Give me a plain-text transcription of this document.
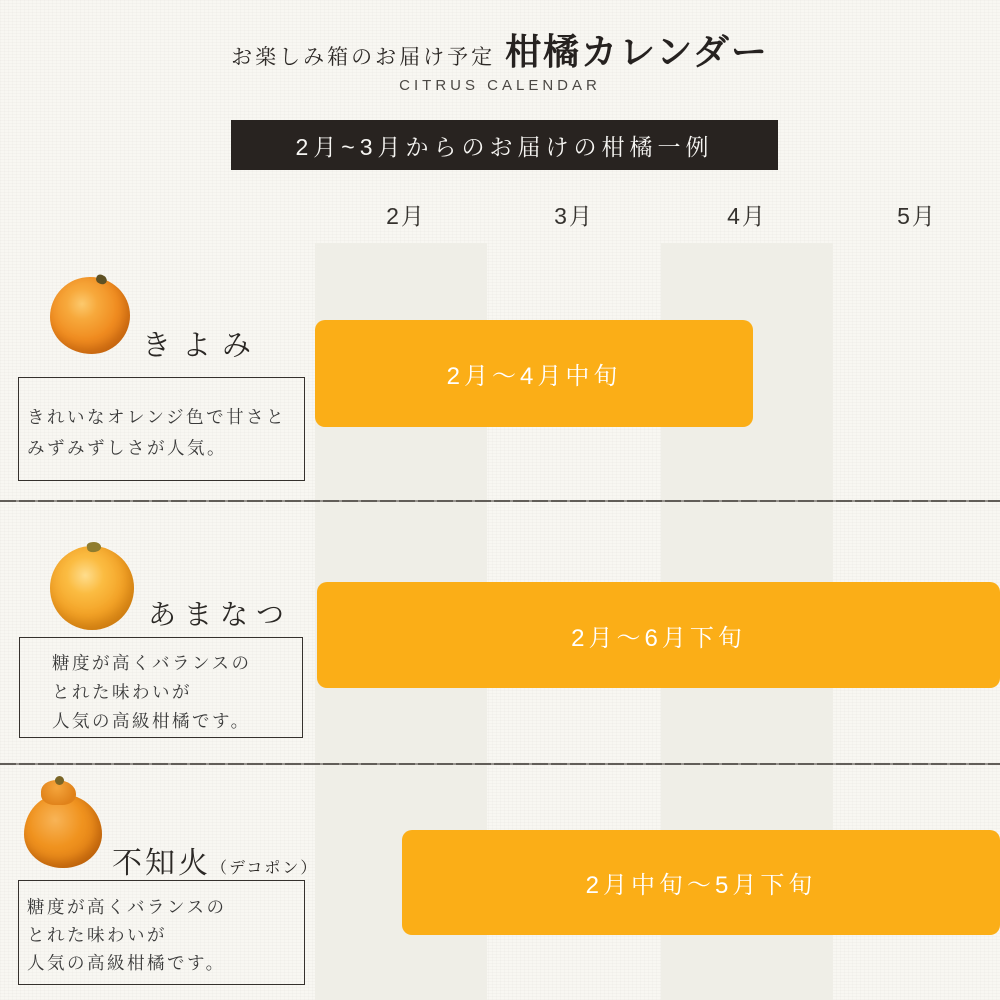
お楽しみ箱のお届け予定 柑橘カレンダー
CITRUS CALENDAR
2月~3月からのお届けの柑橘一例
2月	3月	4月	5月
きよみ
きれいなオレンジ色で甘さと
みずみずしさが人気。
2月〜4月中旬
あまなつ
糖度が高くバランスの
とれた味わいが
人気の高級柑橘です。
2月〜6月下旬
不知火（デコポン）
糖度が高くバランスの
とれた味わいが
人気の高級柑橘です。
2月中旬〜5月下旬
